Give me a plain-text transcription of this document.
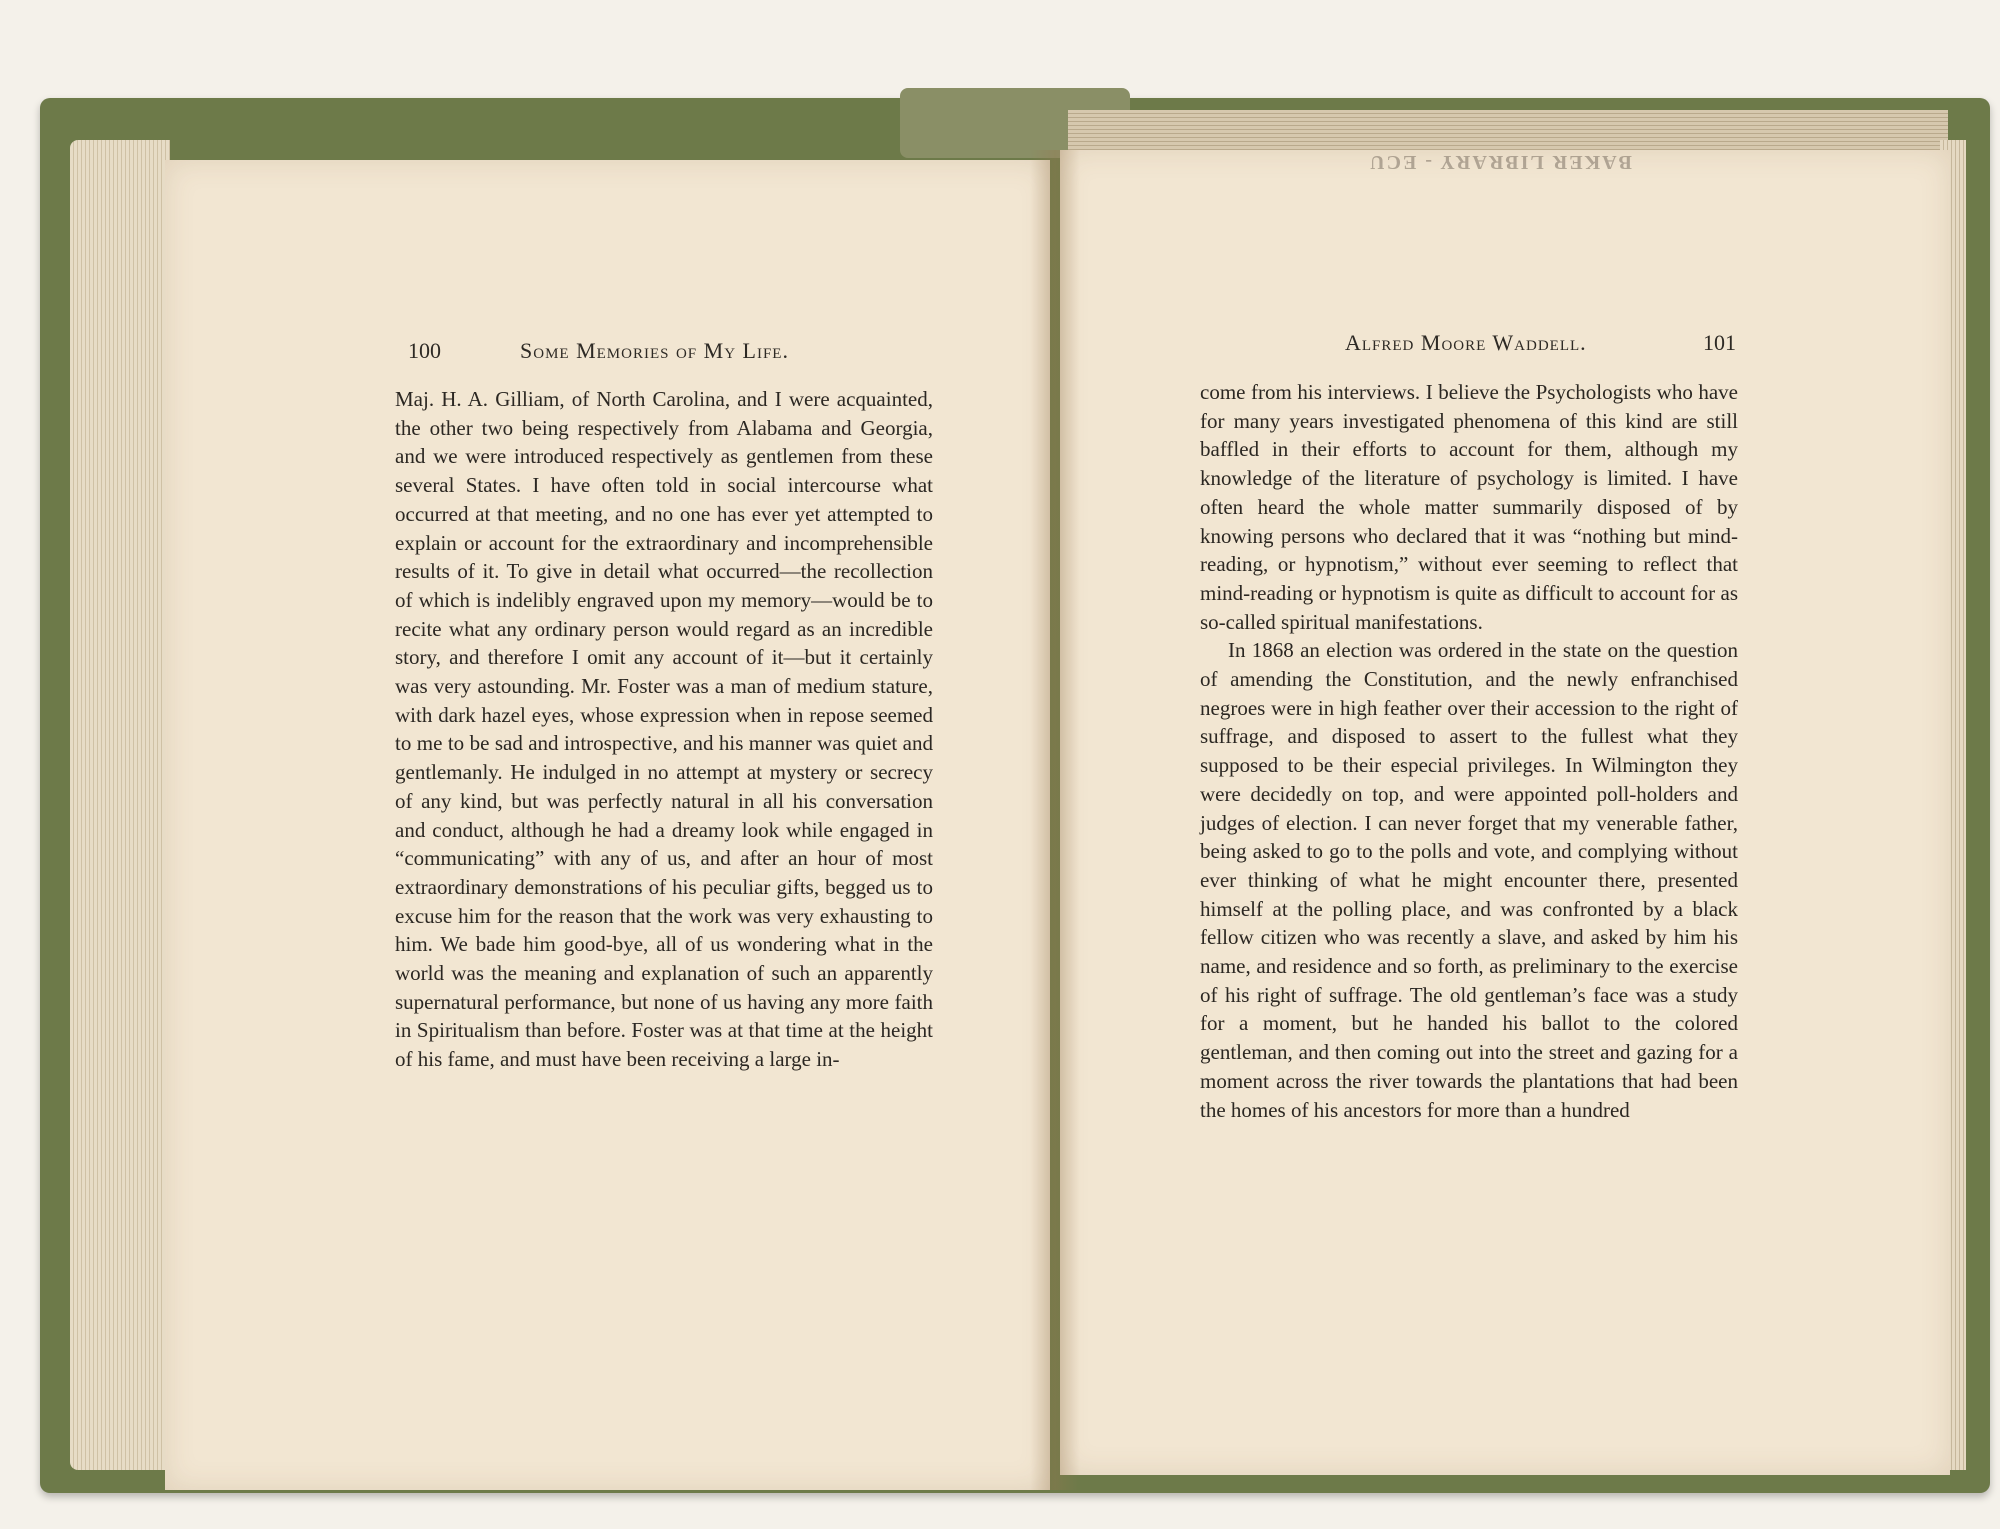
BAKER LIBRARY - ECU
100	Some Memories of My Life.

Maj. H. A. Gilliam, of North Carolina, and I were acquainted, the other two being respectively from Alabama and Georgia, and we were introduced respectively as gentlemen from these several States. I have often told in social intercourse what occurred at that meeting, and no one has ever yet attempted to explain or account for the extraordinary and incomprehensible results of it. To give in detail what occurred—the recollection of which is indelibly engraved upon my memory—would be to recite what any ordinary person would regard as an incredible story, and therefore I omit any account of it—but it certainly was very astounding. Mr. Foster was a man of medium stature, with dark hazel eyes, whose expression when in repose seemed to me to be sad and introspective, and his manner was quiet and gentlemanly. He indulged in no attempt at mystery or secrecy of any kind, but was perfectly natural in all his conversation and conduct, although he had a dreamy look while engaged in “communicating” with any of us, and after an hour of most extraordinary demonstrations of his peculiar gifts, begged us to excuse him for the reason that the work was very exhausting to him. We bade him good-bye, all of us wondering what in the world was the meaning and explanation of such an apparently supernatural performance, but none of us having any more faith in Spiritualism than before. Foster was at that time at the height of his fame, and must have been receiving a large in-

Alfred Moore Waddell.	101

come from his interviews. I believe the Psychologists who have for many years investigated phenomena of this kind are still baffled in their efforts to account for them, although my knowledge of the literature of psychology is limited. I have often heard the whole matter summarily disposed of by knowing persons who declared that it was “nothing but mind-reading, or hypnotism,” without ever seeming to reflect that mind-reading or hypnotism is quite as difficult to account for as so-called spiritual manifestations.

In 1868 an election was ordered in the state on the question of amending the Constitution, and the newly enfranchised negroes were in high feather over their accession to the right of suffrage, and disposed to assert to the fullest what they supposed to be their especial privileges. In Wilmington they were decidedly on top, and were appointed poll-holders and judges of election. I can never forget that my venerable father, being asked to go to the polls and vote, and complying without ever thinking of what he might encounter there, presented himself at the polling place, and was confronted by a black fellow citizen who was recently a slave, and asked by him his name, and residence and so forth, as preliminary to the exercise of his right of suffrage. The old gentleman’s face was a study for a moment, but he handed his ballot to the colored gentleman, and then coming out into the street and gazing for a moment across the river towards the plantations that had been the homes of his ancestors for more than a hundred
